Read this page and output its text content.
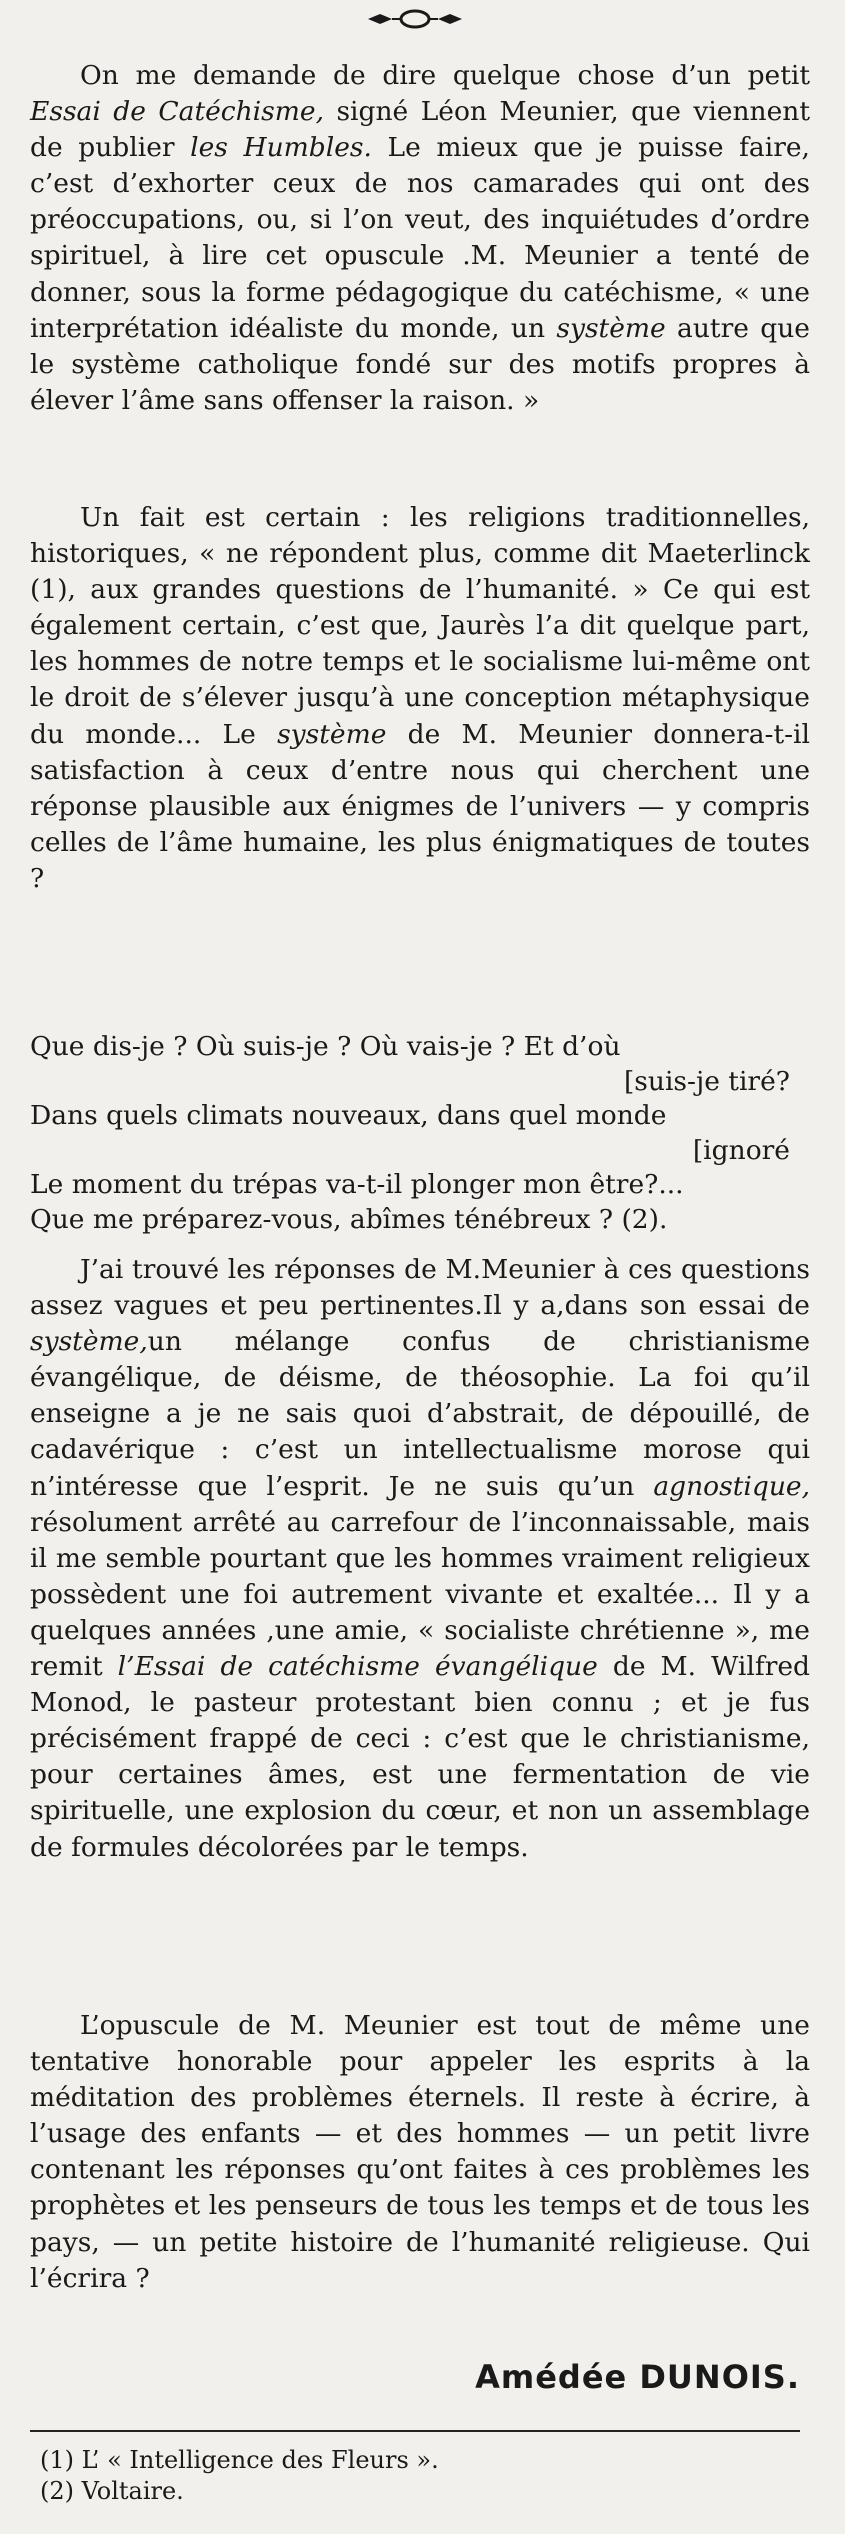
On me demande de dire quelque chose d’un petit Essai de Catéchisme, signé Léon Meunier, que viennent de publier les Humbles. Le mieux que je puisse faire, c’est d’exhorter ceux de nos camarades qui ont des préoccupations, ou, si l’on veut, des inquiétudes d’ordre spirituel, à lire cet opuscule .M. Meunier a tenté de donner, sous la forme pédagogique du catéchisme, « une interprétation idéaliste du monde, un système autre que le système catholique fondé sur des motifs propres à élever l’âme sans offenser la raison. »

Un fait est certain : les religions traditionnelles, historiques, « ne répondent plus, comme dit Maeterlinck (1), aux grandes questions de l’humanité. » Ce qui est également certain, c’est que, Jaurès l’a dit quelque part, les hommes de notre temps et le socialisme lui-même ont le droit de s’élever jusqu’à une conception métaphysique du monde... Le système de M. Meunier donnera-t-il satisfaction à ceux d’entre nous qui cherchent une réponse plausible aux énigmes de l’univers — y compris celles de l’âme humaine, les plus énigmatiques de toutes ?

Que dis-je ? Où suis-je ? Où vais-je ? Et d’où
[suis-je tiré?
Dans quels climats nouveaux, dans quel monde
[ignoré
Le moment du trépas va-t-il plonger mon être?...
Que me préparez-vous, abîmes ténébreux ? (2).

J’ai trouvé les réponses de M.Meunier à ces questions assez vagues et peu pertinentes.Il y a,dans son essai de système,un mélange confus de christianisme évangélique, de déisme, de théosophie. La foi qu’il enseigne a je ne sais quoi d’abstrait, de dépouillé, de cadavérique : c’est un intellectualisme morose qui n’intéresse que l’esprit. Je ne suis qu’un agnostique, résolument arrêté au carrefour de l’inconnaissable, mais il me semble pourtant que les hommes vraiment religieux possèdent une foi autrement vivante et exaltée... Il y a quelques années ,une amie, « socialiste chrétienne », me remit l’Essai de catéchisme évangélique de M. Wilfred Monod, le pasteur protestant bien connu ; et je fus précisément frappé de ceci : c’est que le christianisme, pour certaines âmes, est une fermentation de vie spirituelle, une explosion du cœur, et non un assemblage de formules décolorées par le temps.

L’opuscule de M. Meunier est tout de même une tentative honorable pour appeler les esprits à la méditation des problèmes éternels. Il reste à écrire, à l’usage des enfants — et des hommes — un petit livre contenant les réponses qu’ont faites à ces problèmes les prophètes et les penseurs de tous les temps et de tous les pays, — un petite histoire de l’humanité religieuse. Qui l’écrira ?

Amédée DUNOIS.
(1) L’ « Intelligence des Fleurs ».
(2) Voltaire.
